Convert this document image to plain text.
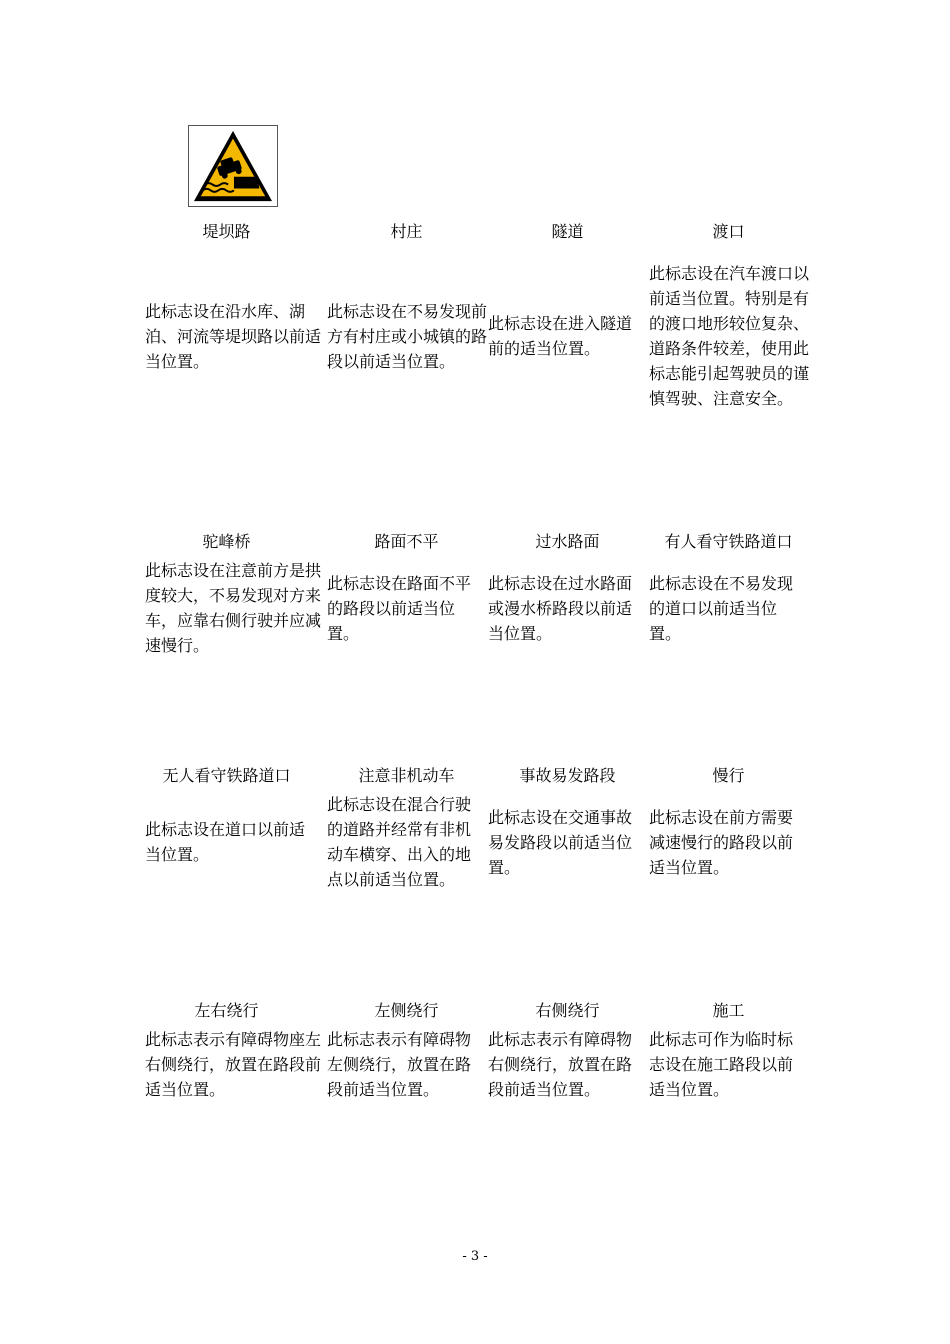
堤坝路	村庄	隧道	渡口
此标志设在沿水库、湖泊、河流等堤坝路以前适当位置。
此标志设在不易发现前方有村庄或小城镇的路段以前适当位置。
此标志设在进入隧道前的适当位置。
此标志设在汽车渡口以前适当位置。特别是有的渡口地形较位复杂、道路条件较差，使用此标志能引起驾驶员的谨慎驾驶、注意安全。
驼峰桥	路面不平	过水路面	有人看守铁路道口
此标志设在注意前方是拱度较大，不易发现对方来车，应靠右侧行驶并应减速慢行。
此标志设在路面不平的路段以前适当位置。
此标志设在过水路面或漫水桥路段以前适当位置。
此标志设在不易发现的道口以前适当位置。
无人看守铁路道口	注意非机动车	事故易发路段	慢行
此标志设在道口以前适当位置。
此标志设在混合行驶的道路并经常有非机动车横穿、出入的地点以前适当位置。
此标志设在交通事故易发路段以前适当位置。
此标志设在前方需要减速慢行的路段以前适当位置。
左右绕行	左侧绕行	右侧绕行	施工
此标志表示有障碍物座左右侧绕行，放置在路段前适当位置。
此标志表示有障碍物左侧绕行，放置在路段前适当位置。
此标志表示有障碍物右侧绕行，放置在路段前适当位置。
此标志可作为临时标志设在施工路段以前适当位置。
- 3 -
